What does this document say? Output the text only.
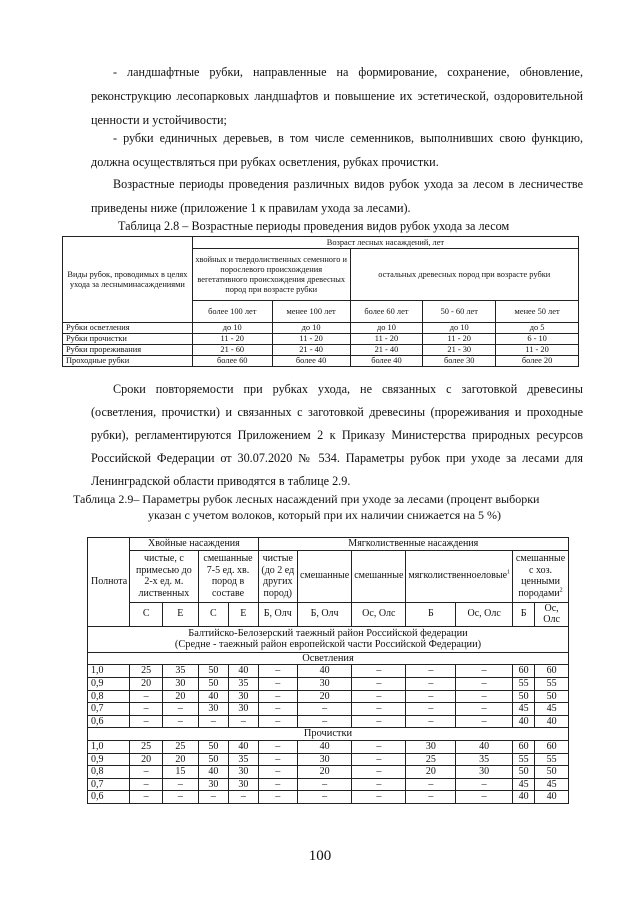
- ландшафтные рубки, направленные на формирование, сохранение, обновление, реконструкцию лесопарковых ландшафтов и повышение их эстетической, оздоровительной ценности и устойчивости;

- рубки единичных деревьев, в том числе семенников, выполнивших свою функцию, должна осуществляться при рубках осветления, рубках прочистки.

Возрастные периоды проведения различных видов рубок ухода за лесом в лесничестве приведены ниже (приложение 1 к правилам ухода за лесами).

Таблица 2.8 – Возрастные периоды проведения видов рубок ухода за лесом
Виды рубок, проводимых в целях ухода за лесныминасаждениями	Возраст лесных насаждений, лет				
	хвойных и твердолиственных семенного и порослевого происхождения вегетативного происхождения древесных пород при возрасте рубки		остальных древесных пород при возрасте рубки		
	более 100 лет	менее 100 лет	более 60 лет	50 - 60 лет	менее 50 лет
Рубки осветления	до 10	до 10	до 10	до 10	до 5
Рубки прочистки	11 - 20	11 - 20	11 - 20	11 - 20	6 - 10
Рубки прореживания	21 - 60	21 - 40	21 - 40	21 - 30	11 - 20
Проходные рубки	более 60	более 40	более 40	более 30	более 20

Сроки повторяемости при рубках ухода, не связанных с заготовкой древесины (осветления, прочистки) и связанных с заготовкой древесины (прореживания и проходные рубки), регламентируются Приложением 2 к Приказу Министерства природных ресурсов Российской Федерации от 30.07.2020 № 534. Параметры рубок при уходе за лесами для Ленинградской области приводятся в таблице 2.9.

Таблица 2.9– Параметры рубок лесных насаждений при уходе за лесами (процент выборки
указан с учетом волоков, который при их наличии снижается на 5 %)
Полнота	Хвойные насаждения				Мягколиственные насаждения						
	чистые, с примесью до 2-х ед. м. лиственных		смешанные 7-5 ед. хв. пород в составе		чистые (до 2 ед других пород)	смешанные	смешанные	мягколиственноеловые$^1$		смешанные с хоз. ценными породами$^2$
	С	Е	С	Е	Б, Олч	Б, Олч	Ос, Олс	Б	Ос, Олс	Б	Ос, Олс

Балтийско-Белозерский таежный район Российской федерации
(Средне - таежный район европейской части Российской Федерации)											

Осветления											
1,0	25	35	50	40	–	40	–	–	–	60	60
0,9	20	30	50	35	–	30	–	–	–	55	55
0,8	–	20	40	30	–	20	–	–	–	50	50
0,7	–	–	30	30	–	–	–	–	–	45	45
0,6	–	–	–	–	–	–	–	–	–	40	40
Прочистки											
1,0	25	25	50	40	–	40	–	30	40	60	60
0,9	20	20	50	35	–	30	–	25	35	55	55
0,8	–	15	40	30	–	20	–	20	30	50	50
0,7	–	–	30	30	–	–	–	–	–	45	45
0,6	–	–	–	–	–	–	–	–	–	40	40
100
